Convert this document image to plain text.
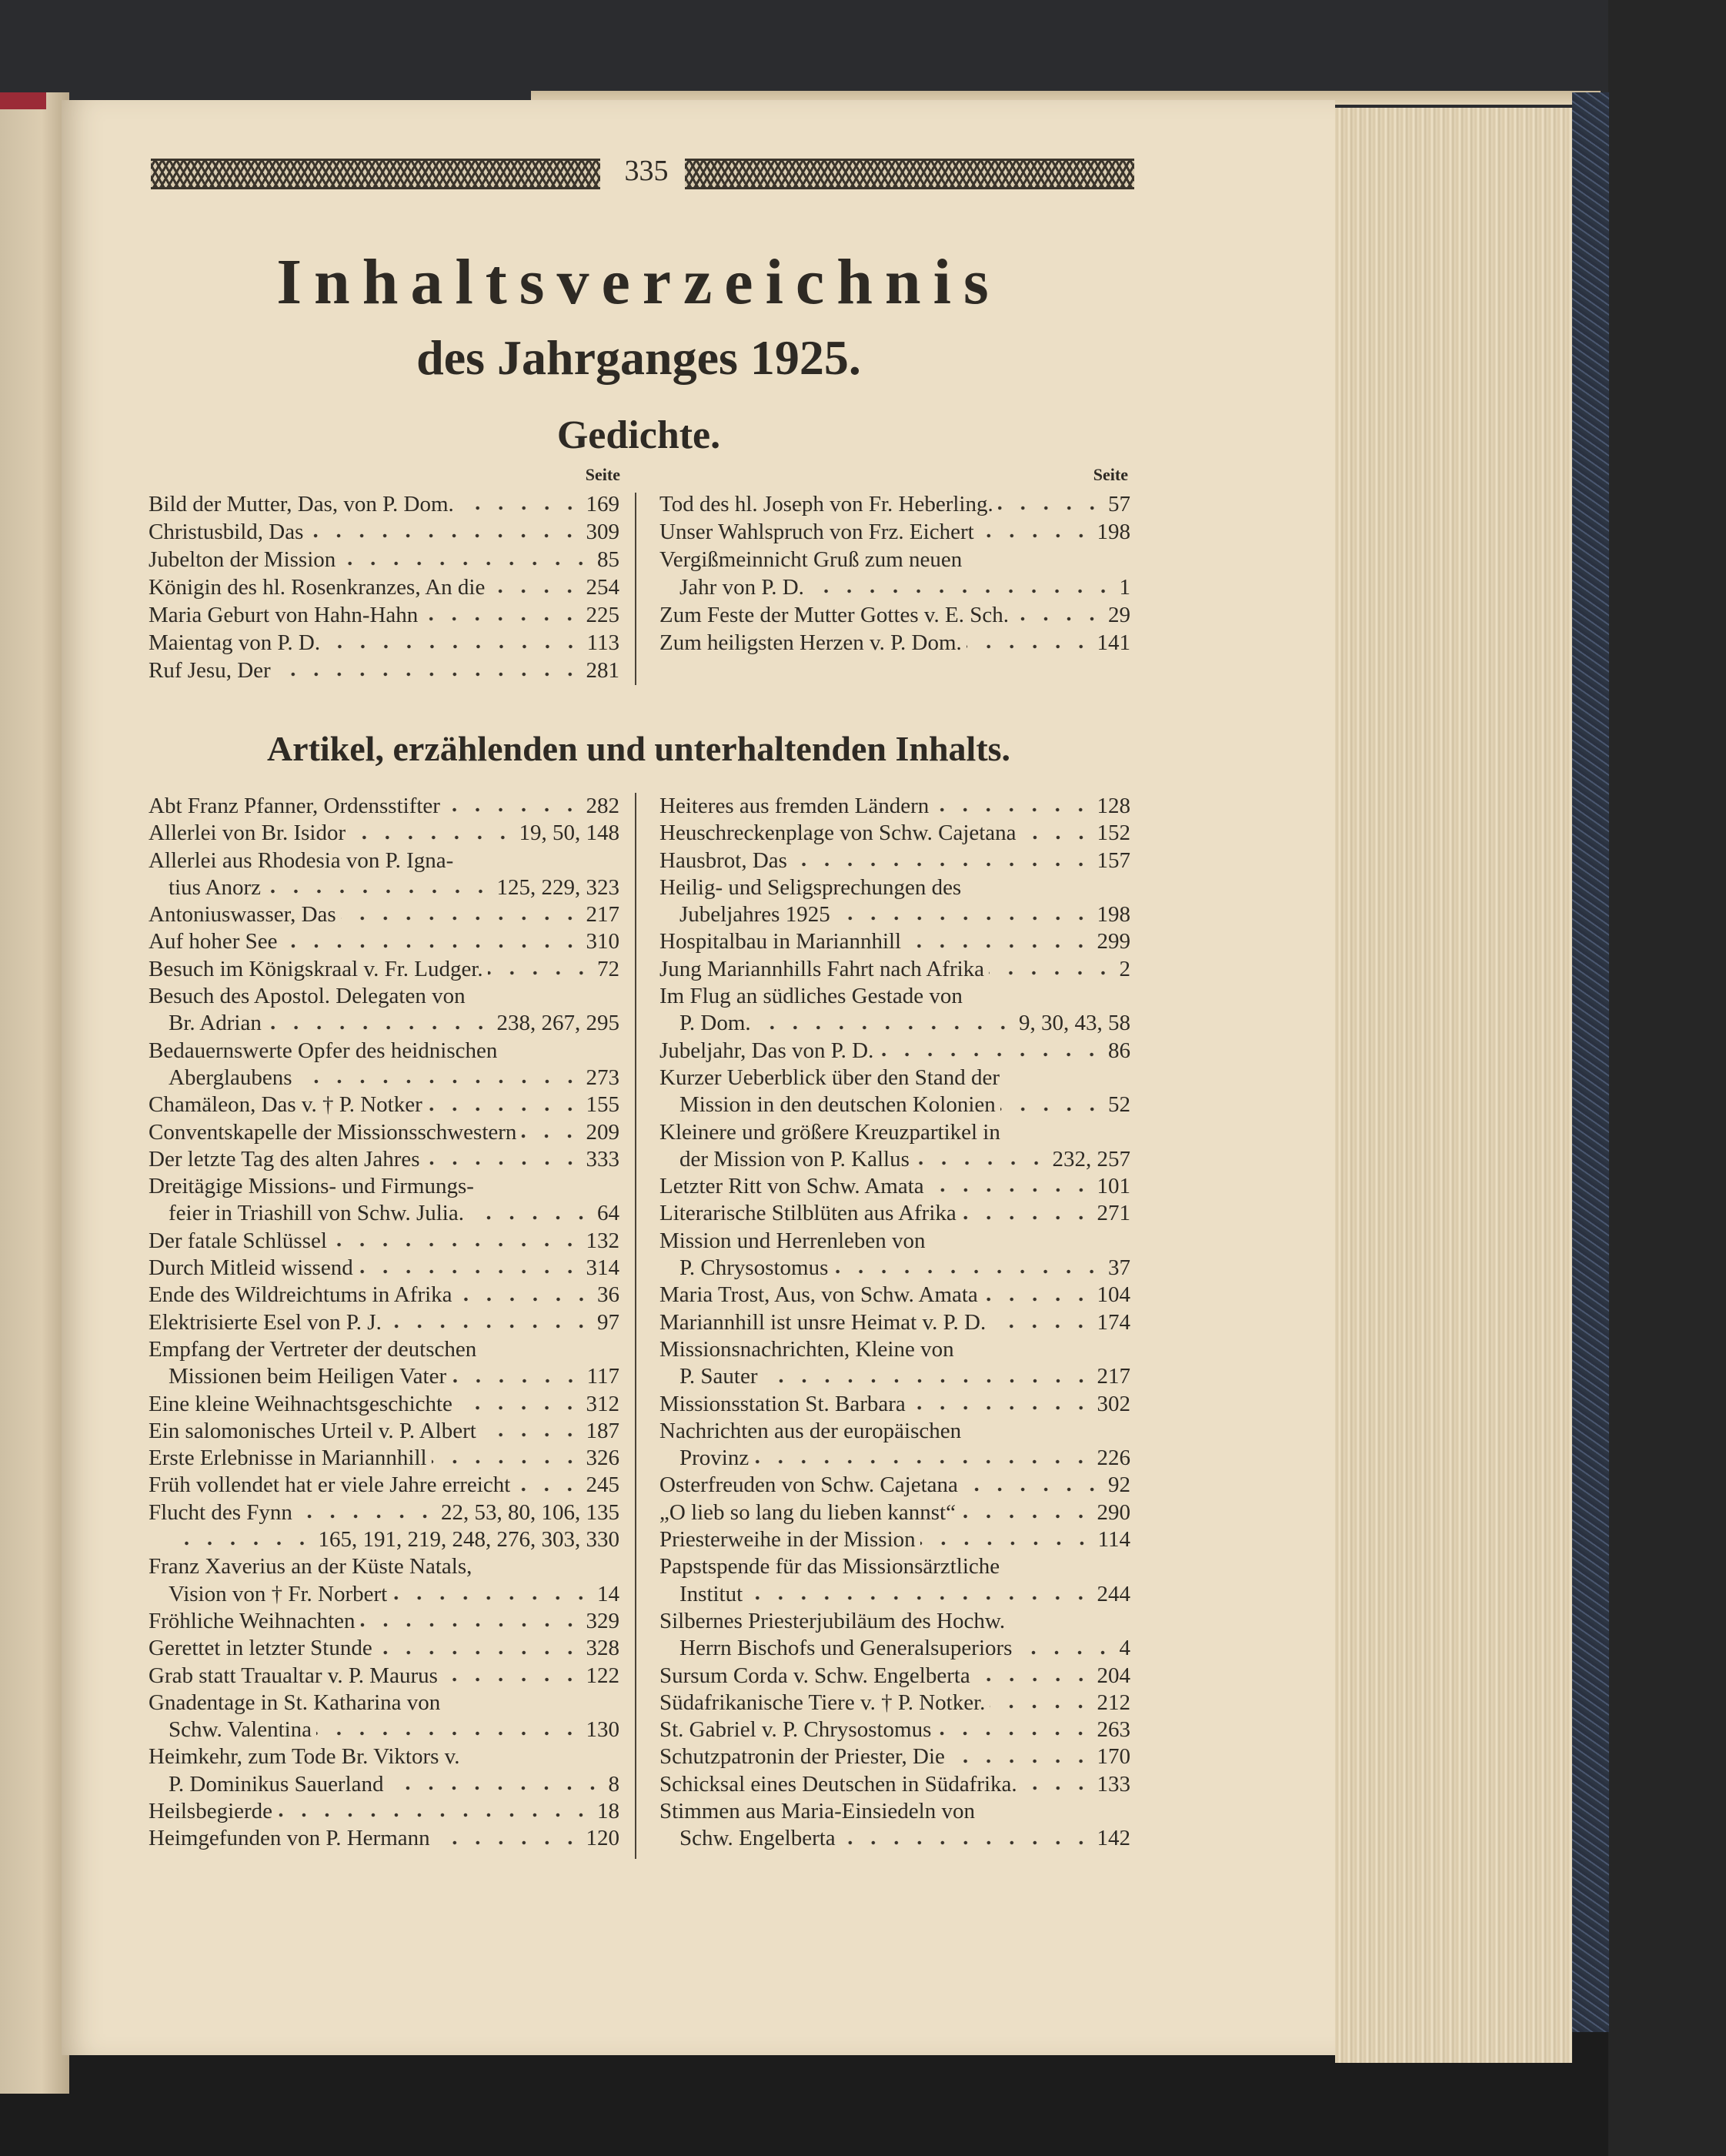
335
Inhaltsverzeichnis
des Jahrganges 1925.
Gedichte.
Seite	Seite
Bild der Mutter, Das, von P. Dom.	169
Christusbild, Das	309
Jubelton der Mission	85
Königin des hl. Rosenkranzes, An die	254
Maria Geburt von Hahn-Hahn	225
Maientag von P. D.	113
Ruf Jesu, Der	281
Tod des hl. Joseph von Fr. Heberling.	57
Unser Wahlspruch von Frz. Eichert	198
Vergißmeinnicht Gruß zum neuen
Jahr von P. D.	1
Zum Feste der Mutter Gottes v. E. Sch.	29
Zum heiligsten Herzen v. P. Dom.	141
Artikel, erzählenden und unterhaltenden Inhalts.
Abt Franz Pfanner, Ordensstifter	282
Allerlei von Br. Isidor	19, 50, 148
Allerlei aus Rhodesia von P. Igna-
tius Anorz	125, 229, 323
Antoniuswasser, Das	217
Auf hoher See	310
Besuch im Königskraal v. Fr. Ludger.	72
Besuch des Apostol. Delegaten von
Br. Adrian	238, 267, 295
Bedauernswerte Opfer des heidnischen
Aberglaubens	273
Chamäleon, Das v. † P. Notker	155
Conventskapelle der Missionsschwestern	209
Der letzte Tag des alten Jahres	333
Dreitägige Missions- und Firmungs-
feier in Triashill von Schw. Julia.	64
Der fatale Schlüssel	132
Durch Mitleid wissend	314
Ende des Wildreichtums in Afrika	36
Elektrisierte Esel von P. J.	97
Empfang der Vertreter der deutschen
Missionen beim Heiligen Vater	117
Eine kleine Weihnachtsgeschichte	312
Ein salomonisches Urteil v. P. Albert	187
Erste Erlebnisse in Mariannhill	326
Früh vollendet hat er viele Jahre erreicht	245
Flucht des Fynn	22, 53, 80, 106, 135
165, 191, 219, 248, 276, 303, 330
Franz Xaverius an der Küste Natals,
Vision von † Fr. Norbert	14
Fröhliche Weihnachten	329
Gerettet in letzter Stunde	328
Grab statt Traualtar v. P. Maurus	122
Gnadentage in St. Katharina von
Schw. Valentina	130
Heimkehr, zum Tode Br. Viktors v.
P. Dominikus Sauerland	8
Heilsbegierde	18
Heimgefunden von P. Hermann	120
Heiteres aus fremden Ländern	128
Heuschreckenplage von Schw. Cajetana	152
Hausbrot, Das	157
Heilig- und Seligsprechungen des
Jubeljahres 1925	198
Hospitalbau in Mariannhill	299
Jung Mariannhills Fahrt nach Afrika	2
Im Flug an südliches Gestade von
P. Dom.	9, 30, 43, 58
Jubeljahr, Das von P. D.	86
Kurzer Ueberblick über den Stand der
Mission in den deutschen Kolonien	52
Kleinere und größere Kreuzpartikel in
der Mission von P. Kallus	232, 257
Letzter Ritt von Schw. Amata	101
Literarische Stilblüten aus Afrika	271
Mission und Herrenleben von
P. Chrysostomus	37
Maria Trost, Aus, von Schw. Amata	104
Mariannhill ist unsre Heimat v. P. D.	174
Missionsnachrichten, Kleine von
P. Sauter	217
Missionsstation St. Barbara	302
Nachrichten aus der europäischen
Provinz	226
Osterfreuden von Schw. Cajetana	92
„O lieb so lang du lieben kannst“	290
Priesterweihe in der Mission	114
Papstspende für das Missionsärztliche
Institut	244
Silbernes Priesterjubiläum des Hochw.
Herrn Bischofs und Generalsuperiors	4
Sursum Corda v. Schw. Engelberta	204
Südafrikanische Tiere v. † P. Notker.	212
St. Gabriel v. P. Chrysostomus	263
Schutzpatronin der Priester, Die	170
Schicksal eines Deutschen in Südafrika.	133
Stimmen aus Maria-Einsiedeln von
Schw. Engelberta	142
